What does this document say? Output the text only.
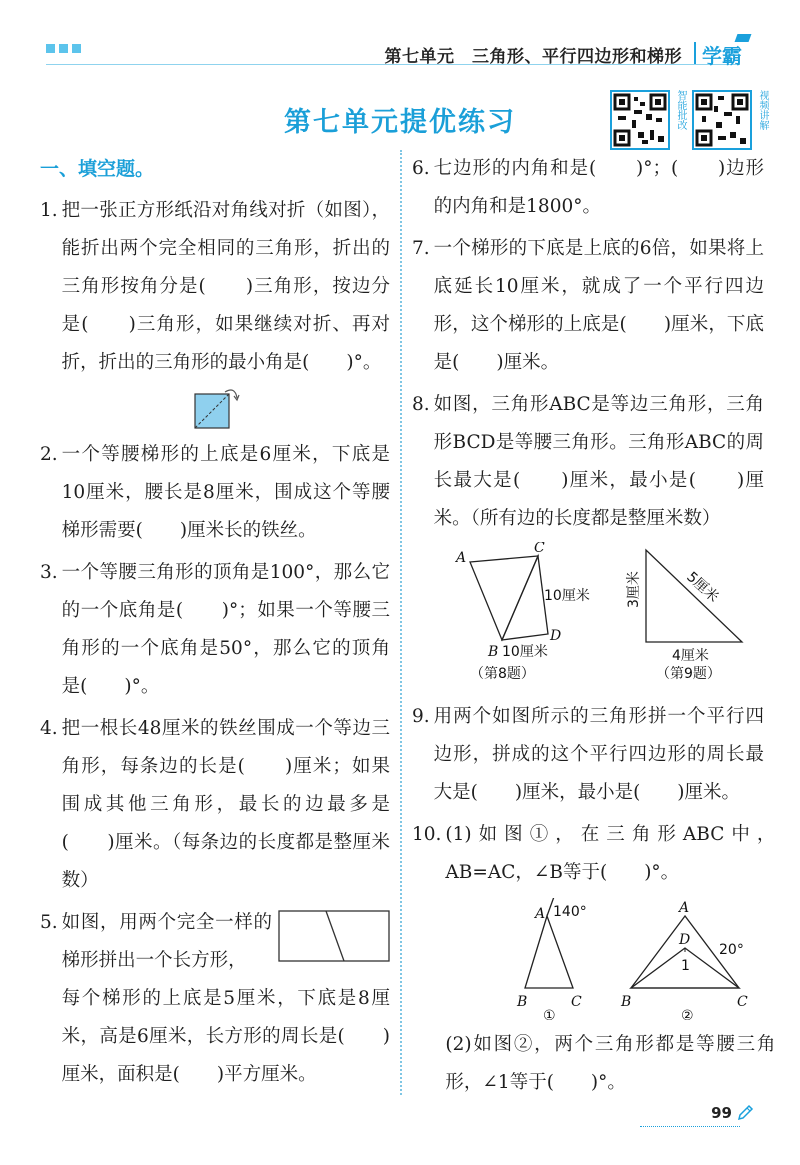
第七单元　三角形、平行四边形和梯形 学霸
第七单元提优练习	智能批改	视频讲解
一、填空题。
1. 把一张正方形纸沿对角线对折（如图），能折出两个完全相同的三角形，折出的三角形按角分是(　　)三角形，按边分是(　　)三角形，如果继续对折、再对折，折出的三角形的最小角是(　　)°。
2. 一个等腰梯形的上底是6厘米，下底是10厘米，腰长是8厘米，围成这个等腰梯形需要(　　)厘米长的铁丝。
3. 一个等腰三角形的顶角是100°，那么它的一个底角是(　　)°；如果一个等腰三角形的一个底角是50°，那么它的顶角是(　　)°。
4. 把一根长48厘米的铁丝围成一个等边三角形，每条边的长是(　　)厘米；如果围成其他三角形，最长的边最多是(　　)厘米。（每条边的长度都是整厘米数）
5. 如图，用两个完全一样的梯形拼出一个长方形，
每个梯形的上底是5厘米，下底是8厘米，高是6厘米，长方形的周长是(　　)厘米，面积是(　　)平方厘米。
6. 七边形的内角和是(　　)°；(　　)边形的内角和是1800°。
7. 一个梯形的下底是上底的6倍，如果将上底延长10厘米，就成了一个平行四边形，这个梯形的上底是(　　)厘米，下底是(　　)厘米。
8. 如图，三角形ABC是等边三角形，三角形BCD是等腰三角形。三角形ABC的周长最大是(　　)厘米，最小是(　　)厘米。（所有边的长度都是整厘米数）
A
C
B
D
10厘米
10厘米
（第8题）
3厘米	5厘米
4厘米
（第9题）
9. 用两个如图所示的三角形拼一个平行四边形，拼成的这个平行四边形的周长最大是(　　)厘米，最小是(　　)厘米。
10. (1)如图①，在三角形ABC中，AB=AC，∠B等于(　　)°。
A 140°
B	C
①
A
D
B	C
20°
1
②
(2)如图②，两个三角形都是等腰三角形，∠1等于(　　)°。
99
